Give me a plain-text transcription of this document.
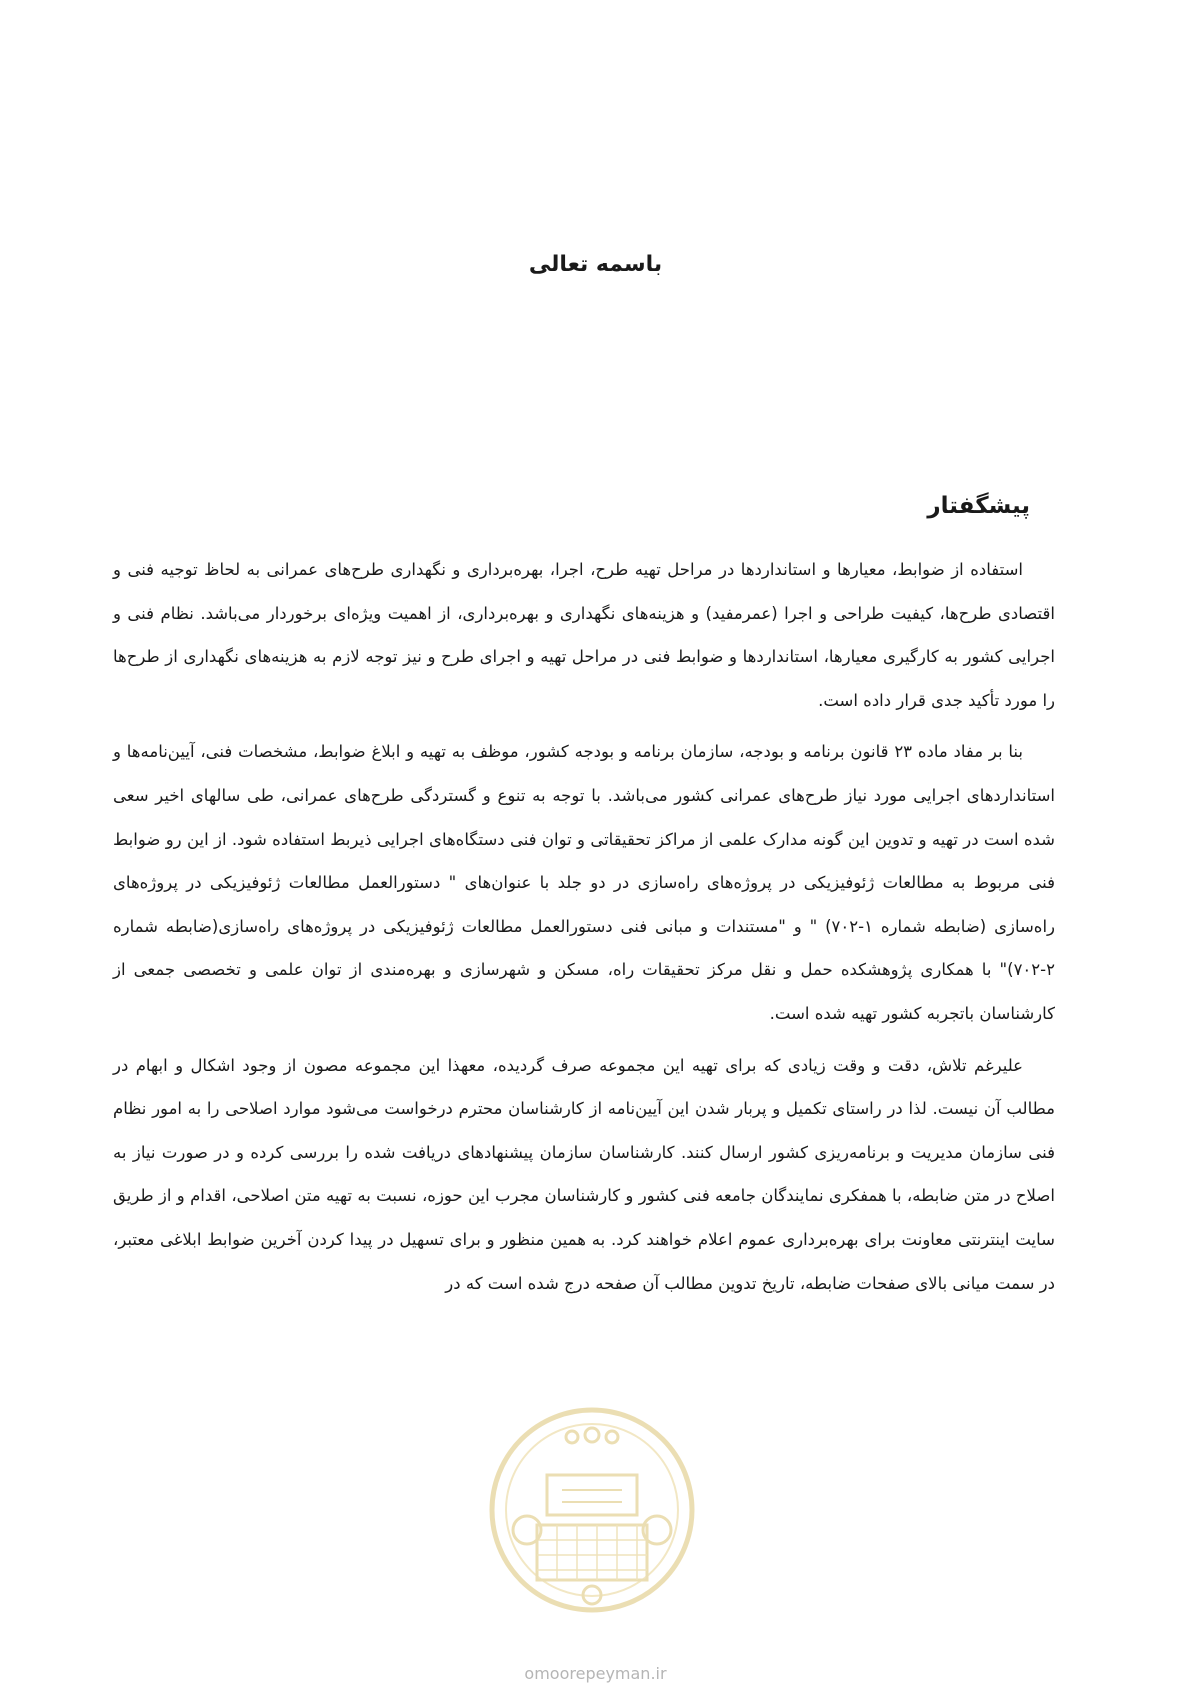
باسمه تعالی
پیشگفتار

استفاده از ضوابط، معیارها و استانداردها در مراحل تهیه طرح، اجرا، بهره‌برداری و نگهداری طرح‌های عمرانی به لحاظ توجیه فنی و اقتصادی طرح‌ها، کیفیت طراحی و اجرا (عمرمفید) و هزینه‌های نگهداری و بهره‌برداری، از اهمیت ویژه‌ای برخوردار می‌باشد. نظام فنی و اجرایی کشور به کارگیری معیارها، استانداردها و ضوابط فنی در مراحل تهیه و اجرای طرح و نیز توجه لازم به هزینه‌های نگهداری از طرح‌ها را مورد تأکید جدی قرار داده است.

بنا بر مفاد ماده ۲۳ قانون برنامه و بودجه، سازمان برنامه و بودجه کشور، موظف به تهیه و ابلاغ ضوابط، مشخصات فنی، آیین‌نامه‌ها و استانداردهای اجرایی مورد نیاز طرح‌های عمرانی کشور می‌باشد. با توجه به تنوع و گستردگی طرح‌های عمرانی، طی سالهای اخیر سعی شده است در تهیه و تدوین این گونه مدارک علمی از مراکز تحقیقاتی و توان فنی دستگاه‌های اجرایی ذیربط استفاده شود. از این رو ضوابط فنی مربوط به مطالعات ژئوفیزیکی در پروژه‌های راه‌سازی در دو جلد با عنوان‌های " دستورالعمل مطالعات ژئوفیزیکی در پروژه‌های راه‌سازی (ضابطه شماره ۱-۷۰۲) " و "مستندات و مبانی فنی دستورالعمل مطالعات ژئوفیزیکی در پروژه‌های راه‌سازی(ضابطه شماره ۲-۷۰۲)" با همکاری پژوهشکده حمل و نقل مرکز تحقیقات راه، مسکن و شهرسازی و بهره‌مندی از توان علمی و تخصصی جمعی از کارشناسان باتجربه کشور تهیه شده است.

علیرغم تلاش، دقت و وقت زیادی که برای تهیه این مجموعه صرف گردیده، معهذا این مجموعه مصون از وجود اشکال و ابهام در مطالب آن نیست. لذا در راستای تکمیل و پربار شدن این آیین‌نامه از کارشناسان محترم درخواست می‌شود موارد اصلاحی را به امور نظام فنی سازمان مدیریت و برنامه‌ریزی کشور ارسال کنند. کارشناسان سازمان پیشنهادهای دریافت شده را بررسی کرده و در صورت نیاز به اصلاح در متن ضابطه، با همفکری نمایندگان جامعه فنی کشور و کارشناسان مجرب این حوزه، نسبت به تهیه متن اصلاحی، اقدام و از طریق سایت اینترنتی معاونت برای بهره‌برداری عموم اعلام خواهند کرد. به همین منظور و برای تسهیل در پیدا کردن آخرین ضوابط ابلاغی معتبر، در سمت میانی بالای صفحات ضابطه، تاریخ تدوین مطالب آن صفحه درج شده است که در

omoorepeyman.ir
